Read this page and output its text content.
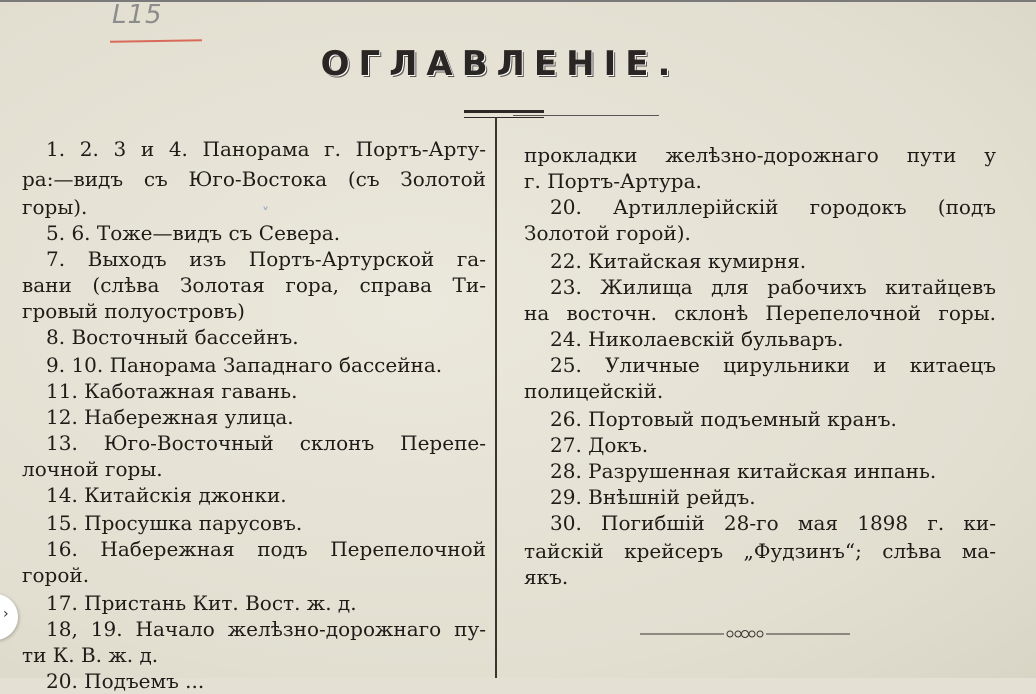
L15
ОГЛАВЛЕНІЕ.
˅
1. 2. 3 и 4. Панорама г. Портъ-Арту-
ра:—видъ съ Юго-Востока (съ Золотой
горы).
5. 6. Тоже—видъ съ Севера.
7. Выходъ изъ Портъ-Артурской га-
вани (слѣва Золотая гора, справа Ти-
гровый полуостровъ)
8. Восточный бассейнъ.
9. 10. Панорама Западнаго бассейна.
11. Каботажная гавань.
12. Набережная улица.
13. Юго-Восточный склонъ Перепе-
лочной горы.
14. Китайскія джонки.
15. Просушка парусовъ.
16. Набережная подъ Перепелочной
горой.
17. Пристань Кит. Вост. ж. д.
18, 19. Начало желѣзно-дорожнаго пу-
ти К. В. ж. д.
20. Подъемъ ...
прокладки желѣзно-дорожнаго пути у
г. Портъ-Артура.
20. Артиллерійскій городокъ (подъ
Золотой горой).
22. Китайская кумирня.
23. Жилища для рабочихъ китайцевъ
на восточн. склонѣ Перепелочной горы.
24. Николаевскій бульваръ.
25. Уличные цирульники и китаецъ
полицейскій.
26. Портовый подъемный кранъ.
27. Докъ.
28. Разрушенная китайская инпань.
29. Внѣшній рейдъ.
30. Погибшій 28-го мая 1898 г. ки-
тайскій крейсеръ „Фудзинъ“; слѣва ма-
якъ.
›
